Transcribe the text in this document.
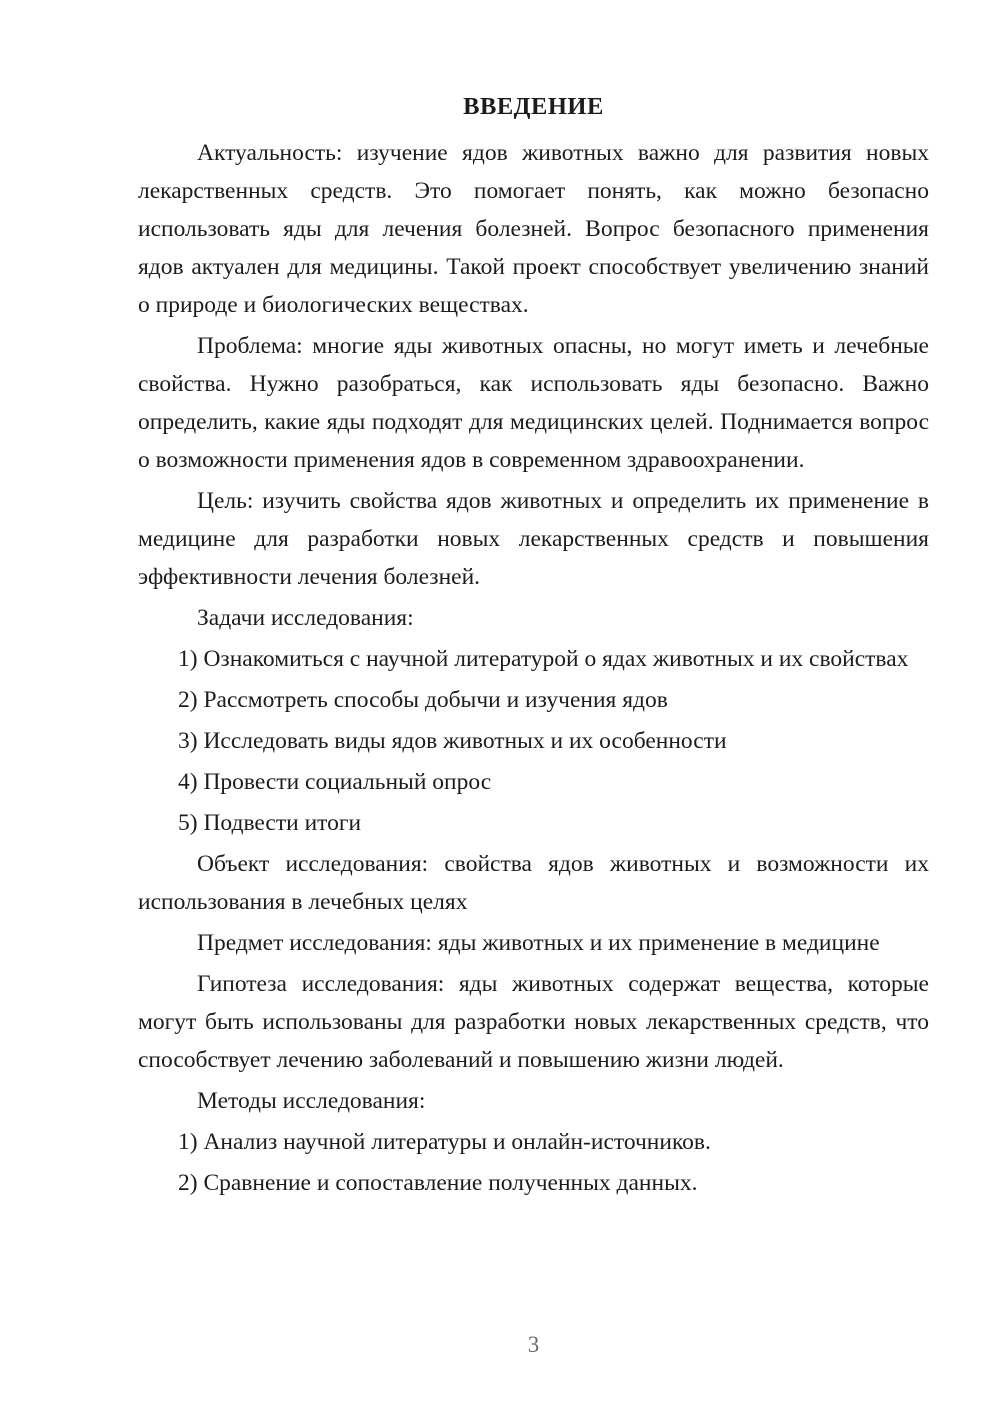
ВВЕДЕНИЕ

Актуальность: изучение ядов животных важно для развития новых лекарственных средств. Это помогает понять, как можно безопасно использовать яды для лечения болезней. Вопрос безопасного применения ядов актуален для медицины. Такой проект способствует увеличению знаний о природе и биологических веществах.

Проблема: многие яды животных опасны, но могут иметь и лечебные свойства. Нужно разобраться, как использовать яды безопасно. Важно определить, какие яды подходят для медицинских целей. Поднимается вопрос о возможности применения ядов в современном здравоохранении.

Цель: изучить свойства ядов животных и определить их применение в медицине для разработки новых лекарственных средств и повышения эффективности лечения болезней.

Задачи исследования:

1) Ознакомиться с научной литературой о ядах животных и их свойствах

2) Рассмотреть способы добычи и изучения ядов

3) Исследовать виды ядов животных и их особенности

4) Провести социальный опрос

5) Подвести итоги

Объект исследования: свойства ядов животных и возможности их использования в лечебных целях

Предмет исследования: яды животных и их применение в медицине

Гипотеза исследования: яды животных содержат вещества, которые могут быть использованы для разработки новых лекарственных средств, что способствует лечению заболеваний и повышению жизни людей.

Методы исследования:

1) Анализ научной литературы и онлайн-источников.

2) Сравнение и сопоставление полученных данных.

3
